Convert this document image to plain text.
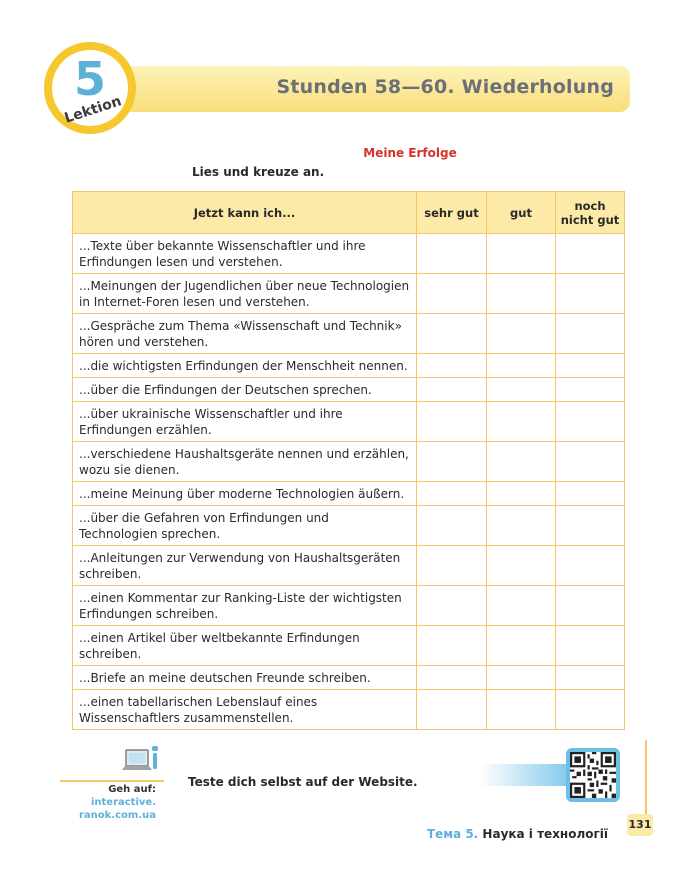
Stunden 58—60. Wiederholung
5
Lektion
Meine Erfolge
Lies und kreuze an.
Jetzt kann ich...	sehr gut	gut	noch nicht gut
...Texte über bekannte Wissenschaftler und ihre Erfindungen lesen und verstehen.			
...Meinungen der Jugendlichen über neue Technologien in Internet-Foren lesen und verstehen.			
...Gespräche zum Thema «Wissenschaft und Technik» hören und verstehen.			
...die wichtigsten Erfindungen der Menschheit nennen.			
...über die Erfindungen der Deutschen sprechen.			
...über ukrainische Wissenschaftler und ihre Erfindungen erzählen.			
...verschiedene Haushaltsgeräte nennen und erzählen, wozu sie dienen.			
...meine Meinung über moderne Technologien äußern.			
...über die Gefahren von Erfindungen und Technologien sprechen.			
...Anleitungen zur Verwendung von Haushaltsgeräten schreiben.			
...einen Kommentar zur Ranking-Liste der wichtigsten Erfindungen schreiben.			
...einen Artikel über weltbekannte Erfindungen schreiben.			
...Briefe an meine deutschen Freunde schreiben.			
...einen tabellarischen Lebenslauf eines Wissenschaftlers zusammenstellen.			
Geh auf: interactive.
ranok.com.ua
Teste dich selbst auf der Website.
Тема 5. Наука і технології
131
